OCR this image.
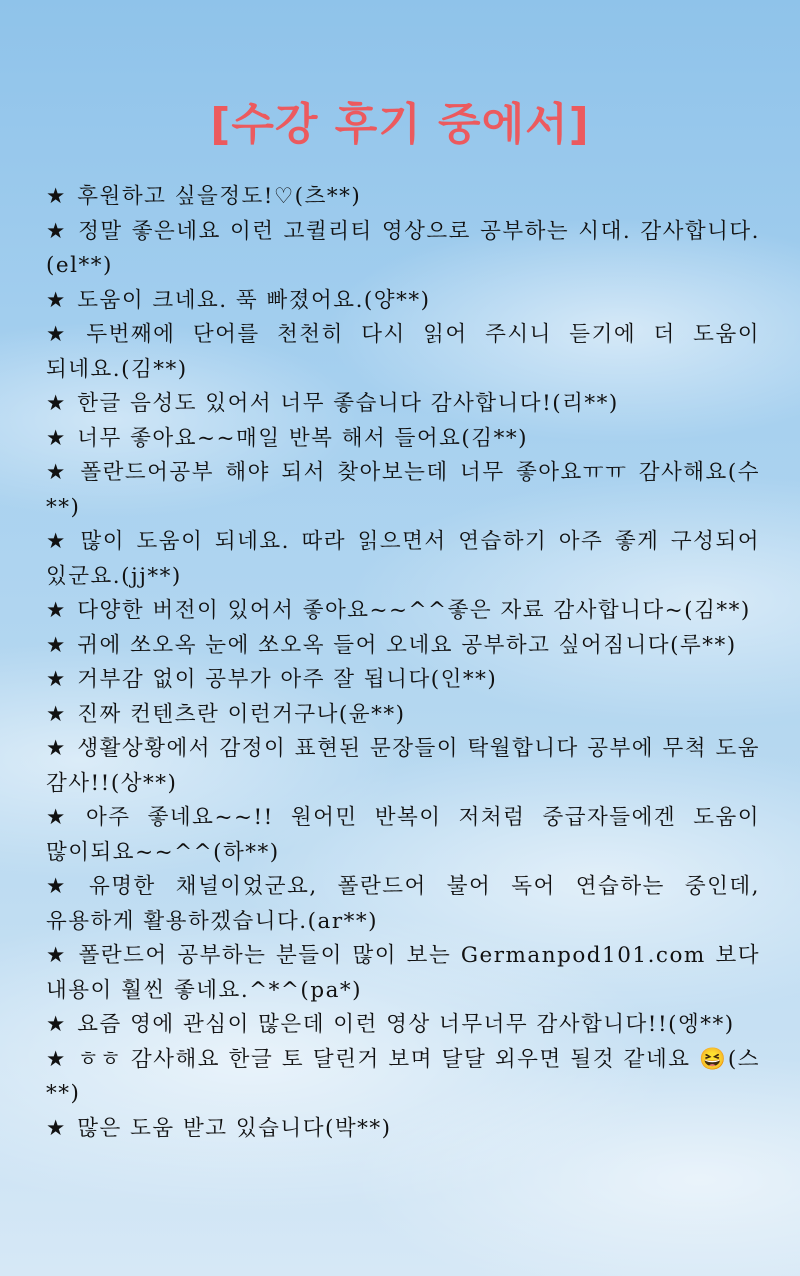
[수강 후기 중에서]
★ 후원하고 싶을정도!♡(츠**)
★ 정말 좋은네요 이런 고퀼리티 영상으로 공부하는 시대. 감사합니다.(el**)
★ 도움이 크네요. 푹 빠졌어요.(양**)
★ 두번째에 단어를 천천히 다시 읽어 주시니 듣기에 더 도움이 되네요.(김**)
★ 한글 음성도 있어서 너무 좋습니다 감사합니다!(리**)
★ 너무 좋아요~~매일 반복 해서 들어요(김**)
★ 폴란드어공부 해야 되서 찾아보는데 너무 좋아요ㅠㅠ 감사해요(수**)
★ 많이 도움이 되네요. 따라 읽으면서 연습하기 아주 좋게 구성되어 있군요.(jj**)
★ 다양한 버전이 있어서 좋아요~~^^좋은 자료 감사합니다~(김**)
★ 귀에 쏘오옥 눈에 쏘오옥 들어 오네요 공부하고 싶어짐니다(루**)
★ 거부감 없이 공부가 아주 잘 됩니다(인**)
★ 진짜 컨텐츠란 이런거구나(윤**)
★ 생활상황에서 감정이 표현된 문장들이 탁월합니다 공부에 무척 도움 감사!!(상**)
★ 아주 좋네요~~!! 원어민 반복이 저처럼 중급자들에겐 도움이 많이되요~~^^(하**)
★ 유명한 채널이었군요, 폴란드어 불어 독어 연습하는 중인데, 유용하게 활용하겠습니다.(ar**)
★ 폴란드어 공부하는 분들이 많이 보는 Germanpod101.com 보다 내용이 훨씬 좋네요.^*^(pa*)
★ 요즘 영에 관심이 많은데 이런 영상 너무너무 감사합니다!!(엥**)
★ ㅎㅎ 감사해요 한글 토 달린거 보며 달달 외우면 될것 같네요 😆(스**)
★ 많은 도움 받고 있습니다(박**)
